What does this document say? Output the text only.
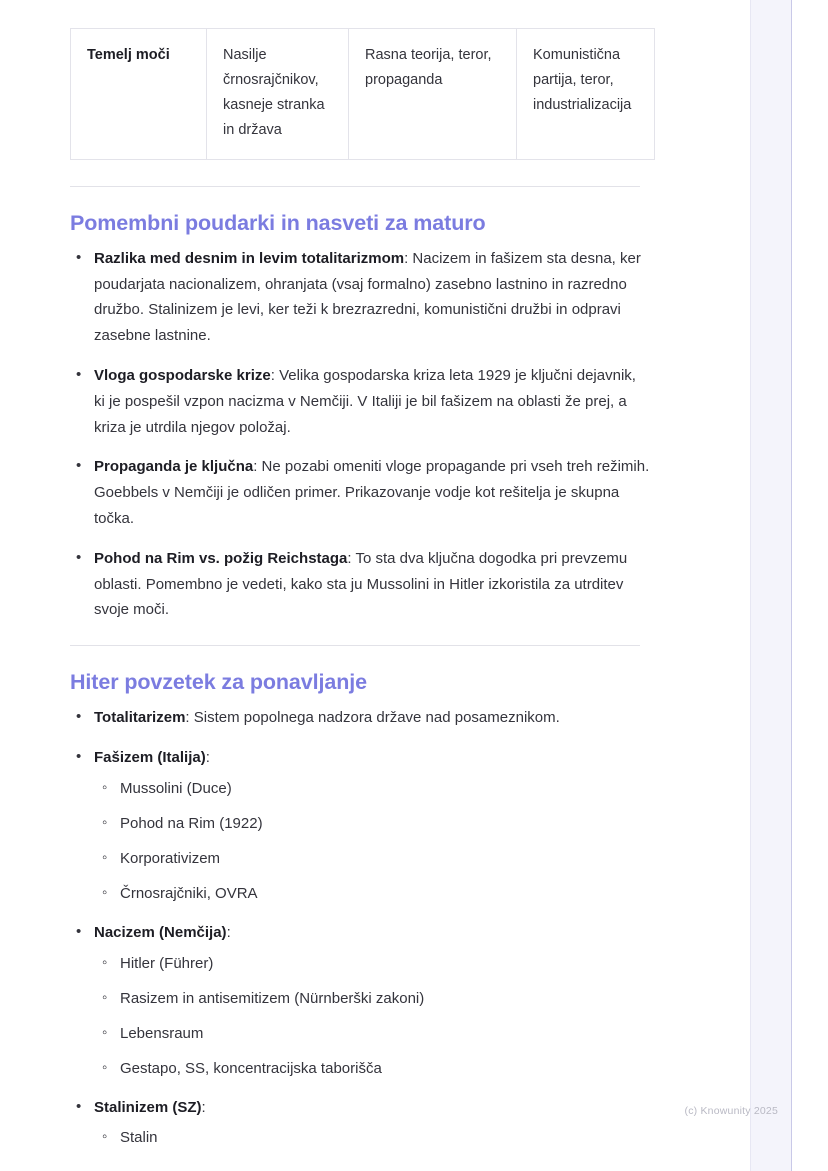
Temelj moči	Nasilje črnosrajčnikov, kasneje stranka in država	Rasna teorija, teror, propaganda	Komunistična partija, teror, industrializacija
Pomembni poudarki in nasveti za maturo
• Razlika med desnim in levim totalitarizmom: Nacizem in fašizem sta desna, ker poudarjata nacionalizem, ohranjata (vsaj formalno) zasebno lastnino in razredno družbo. Stalinizem je levi, ker teži k brezrazredni, komunistični družbi in odpravi zasebne lastnine.
• Vloga gospodarske krize: Velika gospodarska kriza leta 1929 je ključni dejavnik, ki je pospešil vzpon nacizma v Nemčiji. V Italiji je bil fašizem na oblasti že prej, a kriza je utrdila njegov položaj.
• Propaganda je ključna: Ne pozabi omeniti vloge propagande pri vseh treh režimih. Goebbels v Nemčiji je odličen primer. Prikazovanje vodje kot rešitelja je skupna točka.
• Pohod na Rim vs. požig Reichstaga: To sta dva ključna dogodka pri prevzemu oblasti. Pomembno je vedeti, kako sta ju Mussolini in Hitler izkoristila za utrditev svoje moči.
Hiter povzetek za ponavljanje
• Totalitarizem: Sistem popolnega nadzora države nad posameznikom.
• Fašizem (Italija):
◦ Mussolini (Duce)
◦ Pohod na Rim (1922)
◦ Korporativizem
◦ Črnosrajčniki, OVRA
• Nacizem (Nemčija):
◦ Hitler (Führer)
◦ Rasizem in antisemitizem (Nürnberški zakoni)
◦ Lebensraum
◦ Gestapo, SS, koncentracijska taborišča
• Stalinizem (SZ):
◦ Stalin
(c) Knowunity 2025
